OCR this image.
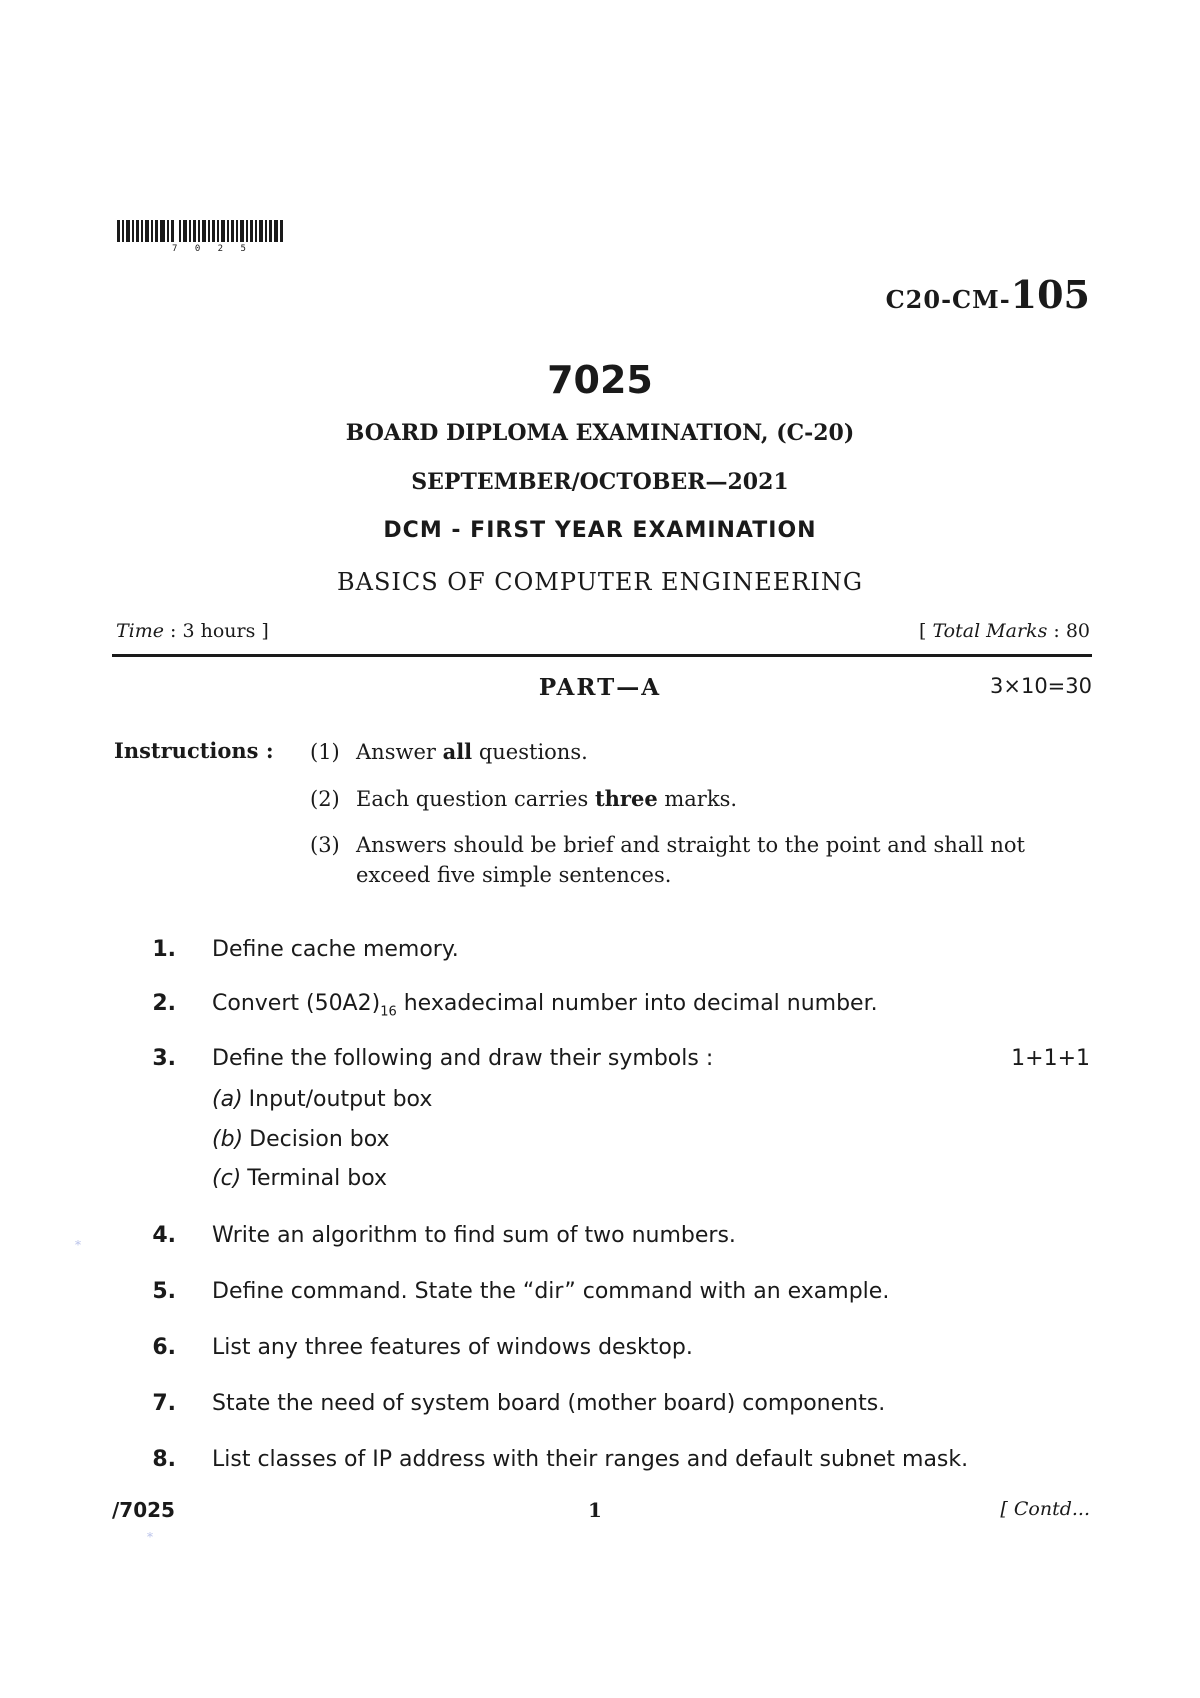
7 0 2 5
C20-CM-105
7025
BOARD DIPLOMA EXAMINATION, (C-20)
SEPTEMBER/OCTOBER—2021
DCM - FIRST YEAR EXAMINATION
BASICS OF COMPUTER ENGINEERING
Time : 3 hours ]	[ Total Marks : 80
PART—A	3×10=30
Instructions : (1) Answer all questions.
(2) Each question carries three marks.
(3) Answers should be brief and straight to the point and shall not exceed five simple sentences.
1. Define cache memory.
2. Convert $(50A2)_{16}$ hexadecimal number into decimal number.
3. Define the following and draw their symbols :	1+1+1
(a) Input/output box
(b) Decision box
(c) Terminal box
4. Write an algorithm to find sum of two numbers.
5. Define command. State the “dir” command with an example.
6. List any three features of windows desktop.
7. State the need of system board (mother board) components.
8. List classes of IP address with their ranges and default subnet mask.
/7025	1	[ Contd...
*
*
